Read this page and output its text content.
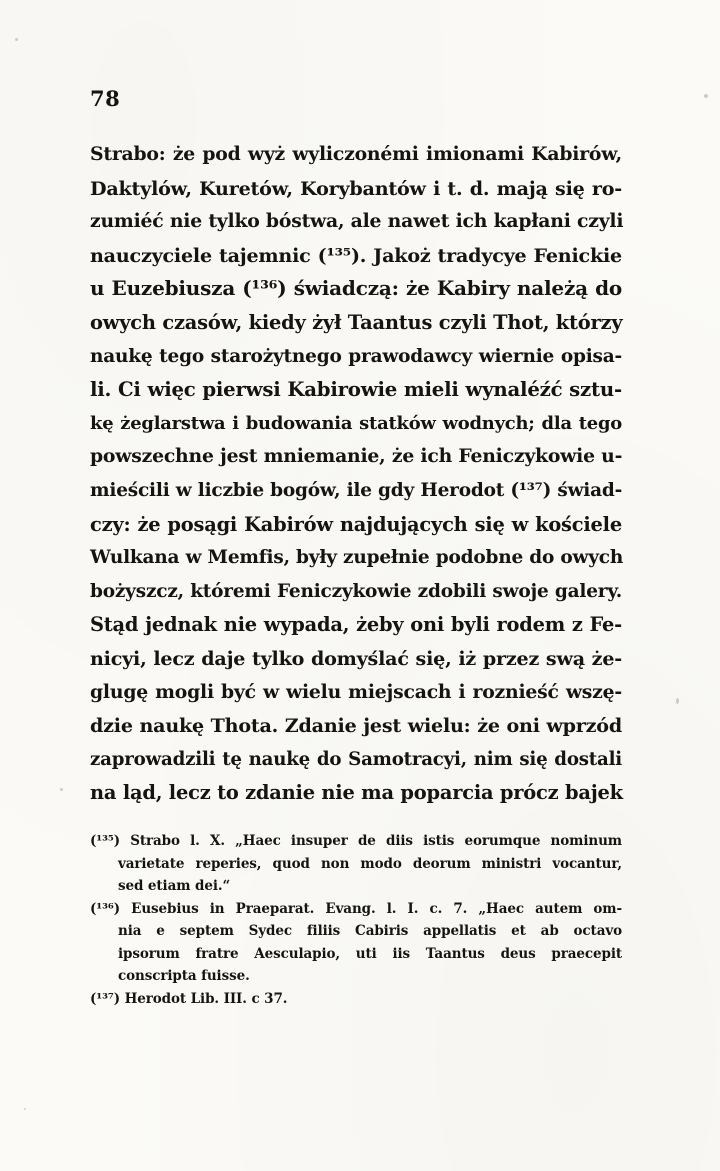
78
Strabo: że pod wyż wyliczonémi imionami Kabirów,
Daktylów, Kuretów, Korybantów i t. d. mają się ro-
zumiéć nie tylko bóstwa, ale nawet ich kapłani czyli
nauczyciele tajemnic (¹³⁵). Jakoż tradycye Fenickie
u Euzebiusza (¹³⁶) świadczą: że Kabiry należą do
owych czasów, kiedy żył Taantus czyli Thot, którzy
naukę tego starożytnego prawodawcy wiernie opisa-
li. Ci więc pierwsi Kabirowie mieli wynaléźć sztu-
kę żeglarstwa i budowania statków wodnych; dla tego
powszechne jest mniemanie, że ich Feniczykowie u-
mieścili w liczbie bogów, ile gdy Herodot (¹³⁷) świad-
czy: że posągi Kabirów najdujących się w kościele
Wulkana w Memfis, były zupełnie podobne do owych
bożyszcz, któremi Feniczykowie zdobili swoje galery.
Stąd jednak nie wypada, żeby oni byli rodem z Fe-
nicyi, lecz daje tylko domyślać się, iż przez swą że-
glugę mogli być w wielu miejscach i roznieść wszę-
dzie naukę Thota. Zdanie jest wielu: że oni wprzód
zaprowadzili tę naukę do Samotracyi, nim się dostali
na ląd, lecz to zdanie nie ma poparcia prócz bajek
(¹³⁵) Strabo l. X. „Haec insuper de diis istis eorumque nominum
varietate reperies, quod non modo deorum ministri vocantur,
sed etiam dei.“
(¹³⁶) Eusebius in Praeparat. Evang. l. I. c. 7. „Haec autem om-
nia e septem Sydec filiis Cabiris appellatis et ab octavo
ipsorum fratre Aesculapio, uti iis Taantus deus praecepit
conscripta fuisse.
(¹³⁷) Herodot Lib. III. c 37.
